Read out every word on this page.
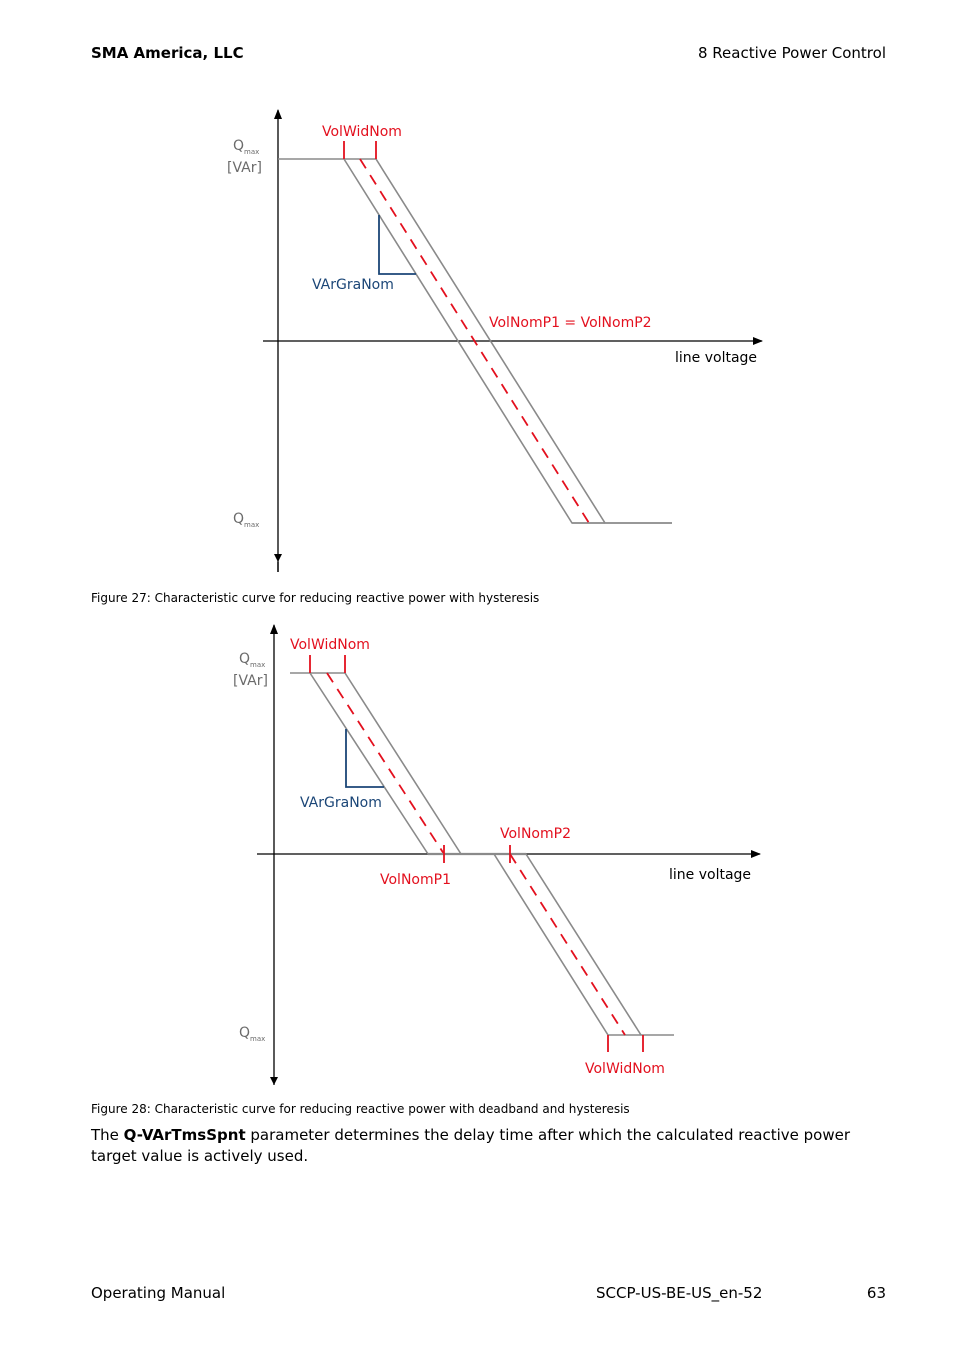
SMA America, LLC	8 Reactive Power Control
VolWidNom
VArGraNom
VolNomP1 = VolNomP2
line voltage
$Q_{max}$
[VAr]
$Q_{max}$
Figure 27: Characteristic curve for reducing reactive power with hysteresis
VolWidNom
VArGraNom
VolNomP2
VolNomP1	line voltage
VolWidNom
$Q_{max}$
[VAr]
$Q_{max}$
Figure 28: Characteristic curve for reducing reactive power with deadband and hysteresis
The Q-VArTmsSpnt parameter determines the delay time after which the calculated reactive power target value is actively used.
Operating Manual	SCCP-US-BE-US_en-52	63
